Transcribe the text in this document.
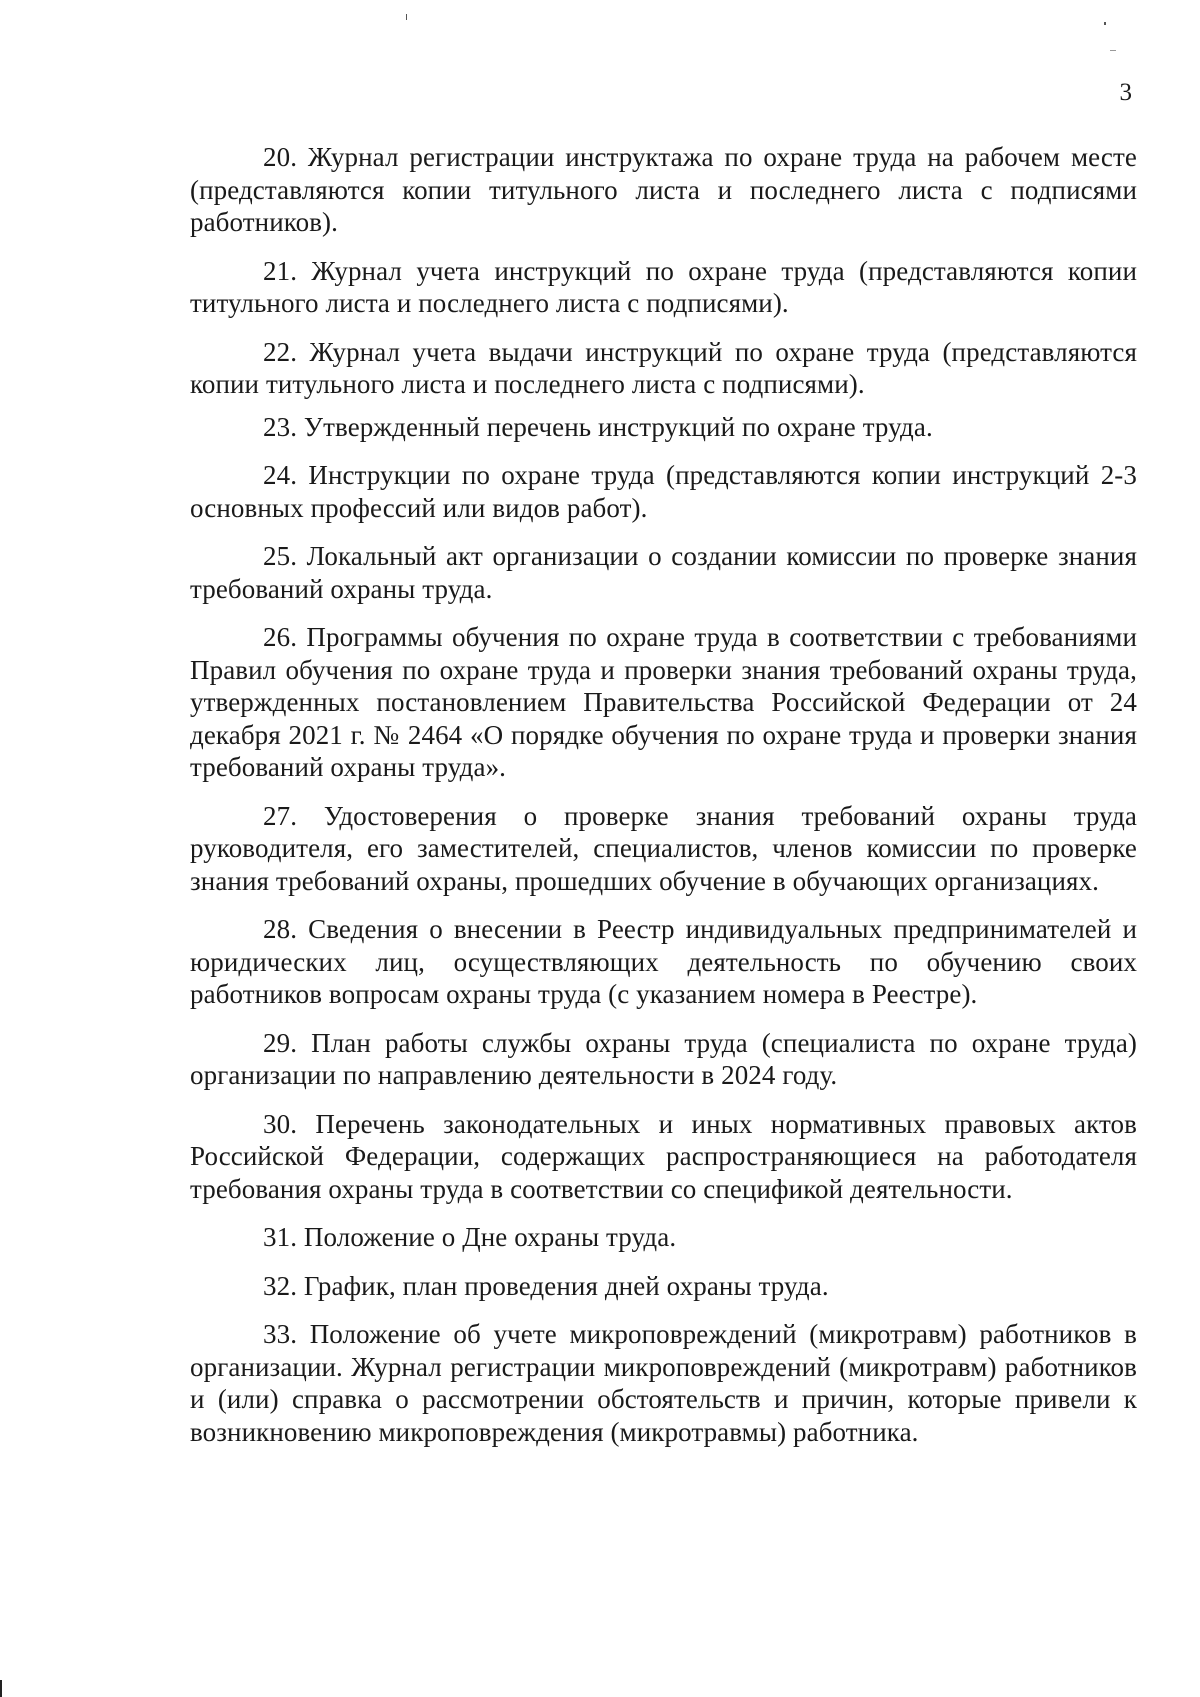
3

20. Журнал регистрации инструктажа по охране труда на рабочем месте (представляются копии титульного листа и последнего листа с подписями работников).

21. Журнал учета инструкций по охране труда (представляются копии титульного листа и последнего листа с подписями).

22. Журнал учета выдачи инструкций по охране труда (представляются копии титульного листа и последнего листа с подписями).

23. Утвержденный перечень инструкций по охране труда.

24. Инструкции по охране труда (представляются копии инструкций 2-3 основных профессий или видов работ).

25. Локальный акт организации о создании комиссии по проверке знания требований охраны труда.

26. Программы обучения по охране труда в соответствии с требованиями Правил обучения по охране труда и проверки знания требований охраны труда, утвержденных постановлением Правительства Российской Федерации от 24 декабря 2021 г. № 2464 «О порядке обучения по охране труда и проверки знания требований охраны труда».

27. Удостоверения о проверке знания требований охраны труда руководителя, его заместителей, специалистов, членов комиссии по проверке знания требований охраны, прошедших обучение в обучающих организациях.

28. Сведения о внесении в Реестр индивидуальных предпринимателей и юридических лиц, осуществляющих деятельность по обучению своих работников вопросам охраны труда (с указанием номера в Реестре).

29. План работы службы охраны труда (специалиста по охране труда) организации по направлению деятельности в 2024 году.

30. Перечень законодательных и иных нормативных правовых актов Российской Федерации, содержащих распространяющиеся на работодателя требования охраны труда в соответствии со спецификой деятельности.

31. Положение о Дне охраны труда.

32. График, план проведения дней охраны труда.

33. Положение об учете микроповреждений (микротравм) работников в организации. Журнал регистрации микроповреждений (микротравм) работников и (или) справка о рассмотрении обстоятельств и причин, которые привели к возникновению микроповреждения (микротравмы) работника.
